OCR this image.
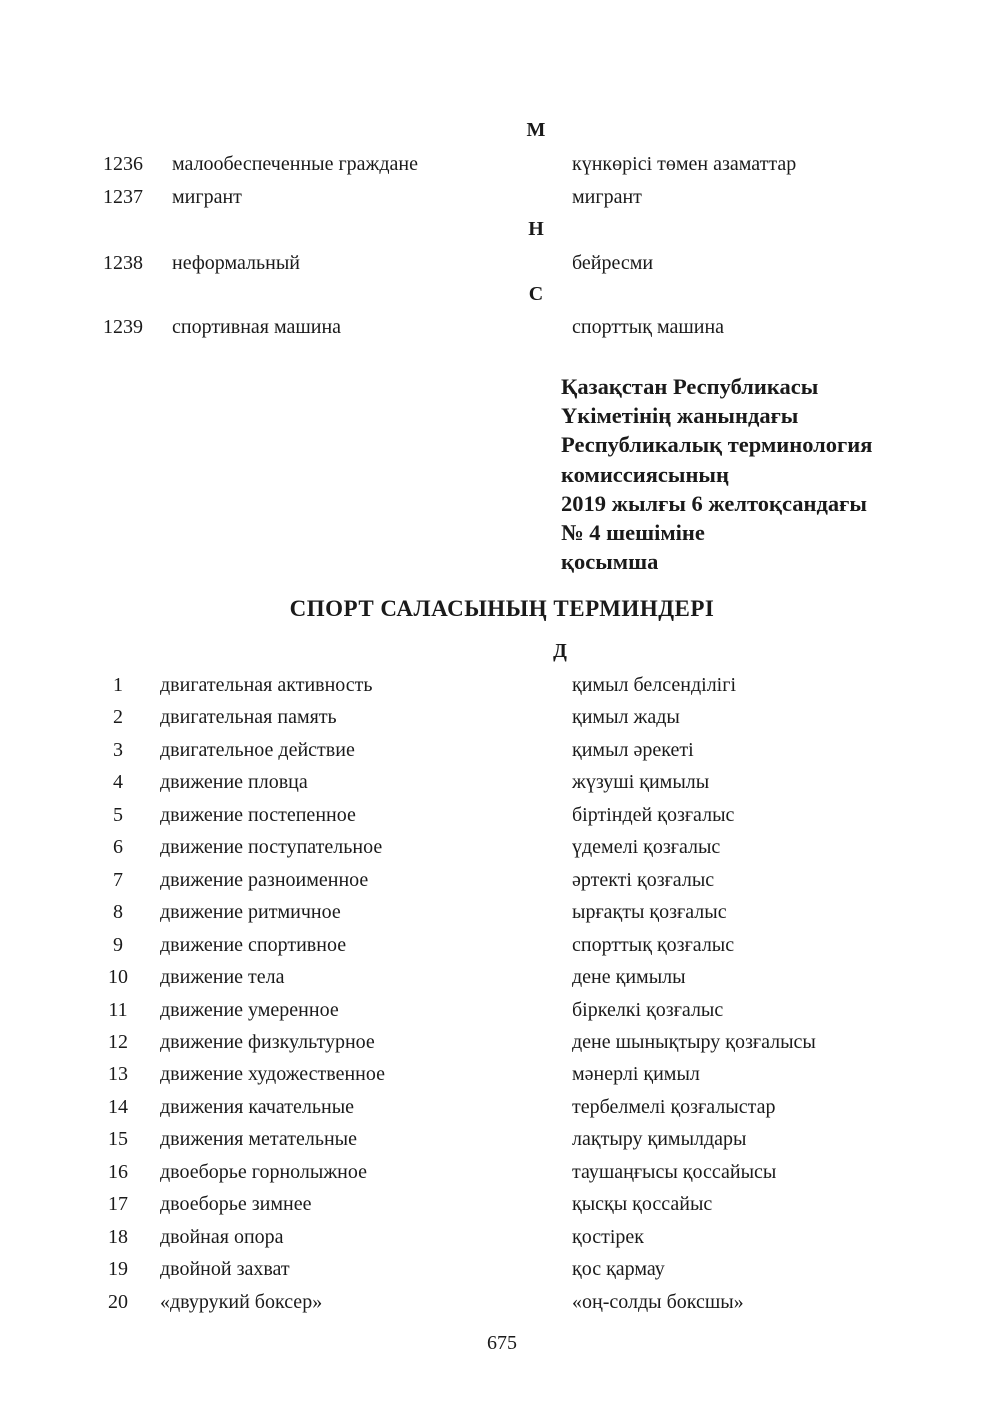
М
1236	малообеспеченные граждане	күнкөрісі төмен азаматтар
1237	мигрант	мигрант
Н
1238	неформальный	бейресми
С
1239	спортивная машина	спорттық машина
Қазақстан Республикасы
Үкіметінің жанындағы
Республикалық терминология
комиссиясының
2019 жылғы 6 желтоқсандағы
№ 4 шешіміне
қосымша
СПОРТ САЛАСЫНЫҢ ТЕРМИНДЕРІ
Д
1	двигательная активность	қимыл белсенділігі
2	двигательная память	қимыл жады
3	двигательное действие	қимыл әрекеті
4	движение пловца	жүзуші қимылы
5	движение постепенное	біртіндей қозғалыс
6	движение поступательное	үдемелі қозғалыс
7	движение разноименное	әртекті қозғалыс
8	движение ритмичное	ырғақты қозғалыс
9	движение спортивное	спорттық қозғалыс
10	движение тела	дене қимылы
11	движение умеренное	біркелкі қозғалыс
12	движение физкультурное	дене шынықтыру қозғалысы
13	движение художественное	мәнерлі қимыл
14	движения качательные	тербелмелі қозғалыстар
15	движения метательные	лақтыру қимылдары
16	двоеборье горнолыжное	таушаңғысы қоссайысы
17	двоеборье зимнее	қысқы қоссайыс
18	двойная опора	қостірек
19	двойной захват	қос қармау
20	«двурукий боксер»	«оң-солды боксшы»
675
